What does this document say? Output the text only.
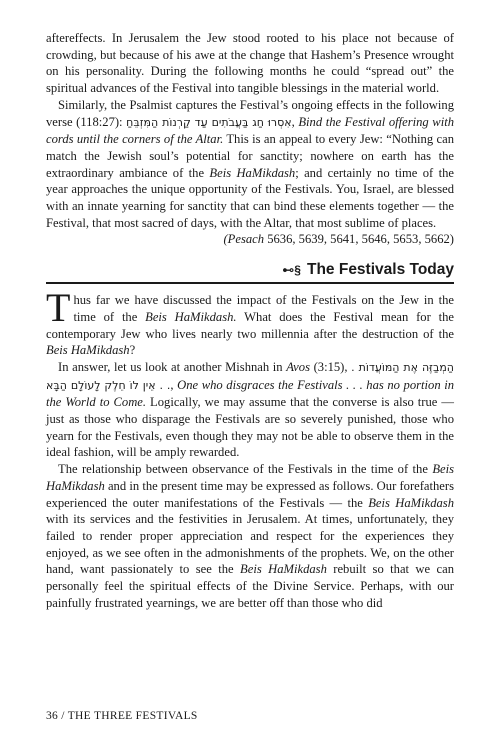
aftereffects. In Jerusalem the Jew stood rooted to his place not because of crowding, but because of his awe at the change that Hashem’s Presence wrought on his personality. During the following months he could “spread out” the spiritual advances of the Festival into tangible blessings in the material world.

Similarly, the Psalmist captures the Festival’s ongoing effects in the following verse (118:27): אִסְרוּ חַג בַּעֲבֹתִים עַד קַרְנוֹת הַמִּזְבֵּחַ, Bind the Festival offering with cords until the corners of the Altar. This is an appeal to every Jew: “Nothing can match the Jewish soul’s potential for sanctity; nowhere on earth has the extraordinary ambiance of the Beis HaMikdash; and certainly no time of the year approaches the unique opportunity of the Festivals. You, Israel, are blessed with an innate yearning for sanctity that can bind these elements together — the Festival, that most sacred of days, with the Altar, that most sublime of places.

(Pesach 5636, 5639, 5641, 5646, 5653, 5662)
⊷§ The Festivals Today

Thus far we have discussed the impact of the Festivals on the Jew in the time of the Beis HaMikdash. What does the Festival mean for the contemporary Jew who lives nearly two millennia after the destruction of the Beis HaMikdash?

In answer, let us look at another Mishnah in Avos (3:15), הַמְבַזֶּה אֶת הַמּוֹעֲדוֹת . . . אֵין לוֹ חֵלֶק לָעוֹלָם הַבָּא, One who disgraces the Festivals . . . has no portion in the World to Come. Logically, we may assume that the converse is also true — just as those who disparage the Festivals are so severely punished, those who yearn for the Festivals, even though they may not be able to observe them in the ideal fashion, will be amply rewarded.

The relationship between observance of the Festivals in the time of the Beis HaMikdash and in the present time may be expressed as follows. Our forefathers experienced the outer manifestations of the Festivals — the Beis HaMikdash with its services and the festivities in Jerusalem. At times, unfortunately, they failed to render proper appreciation and respect for the experiences they enjoyed, as we see often in the admonishments of the prophets. We, on the other hand, want passionately to see the Beis HaMikdash rebuilt so that we can personally feel the spiritual effects of the Divine Service. Perhaps, with our painfully frustrated yearnings, we are better off than those who did

36 / THE THREE FESTIVALS
